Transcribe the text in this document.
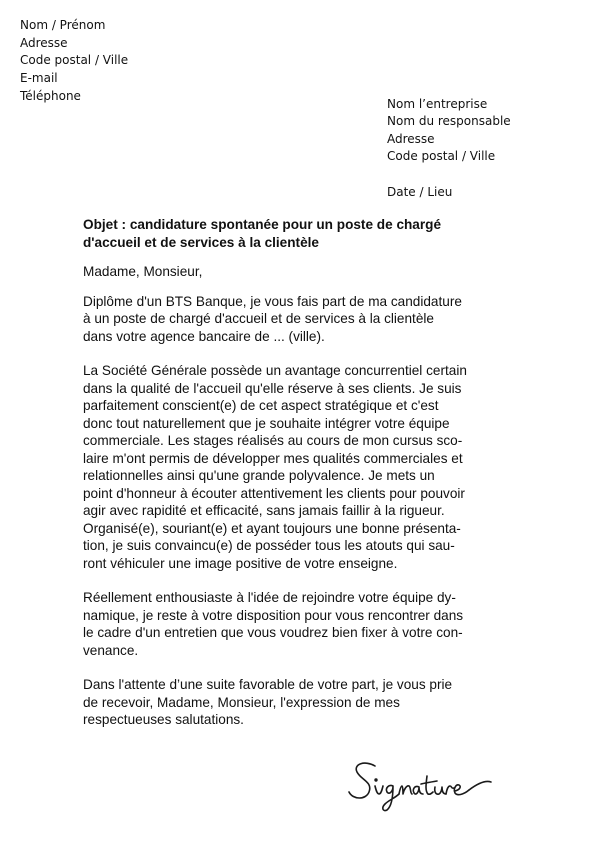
Nom / Prénom
Adresse
Code postal / Ville
E-mail
Téléphone
Nom l’entreprise
Nom du responsable
Adresse
Code postal / Ville
Date / Lieu
Objet : candidature spontanée pour un poste de chargé
d'accueil et de services à la clientèle
Madame, Monsieur,
Diplôme d'un BTS Banque, je vous fais part de ma candidature
à un poste de chargé d'accueil et de services à la clientèle
dans votre agence bancaire de ... (ville).
La Société Générale possède un avantage concurrentiel certain
dans la qualité de l'accueil qu'elle réserve à ses clients. Je suis
parfaitement conscient(e) de cet aspect stratégique et c'est
donc tout naturellement que je souhaite intégrer votre équipe
commerciale. Les stages réalisés au cours de mon cursus sco-
laire m'ont permis de développer mes qualités commerciales et
relationnelles ainsi qu'une grande polyvalence. Je mets un
point d'honneur à écouter attentivement les clients pour pouvoir
agir avec rapidité et efficacité, sans jamais faillir à la rigueur.
Organisé(e), souriant(e) et ayant toujours une bonne présenta-
tion, je suis convaincu(e) de posséder tous les atouts qui sau-
ront véhiculer une image positive de votre enseigne.
Réellement enthousiaste à l'idée de rejoindre votre équipe dy-
namique, je reste à votre disposition pour vous rencontrer dans
le cadre d'un entretien que vous voudrez bien fixer à votre con-
venance.
Dans l'attente d’une suite favorable de votre part, je vous prie
de recevoir, Madame, Monsieur, l'expression de mes
respectueuses salutations.
